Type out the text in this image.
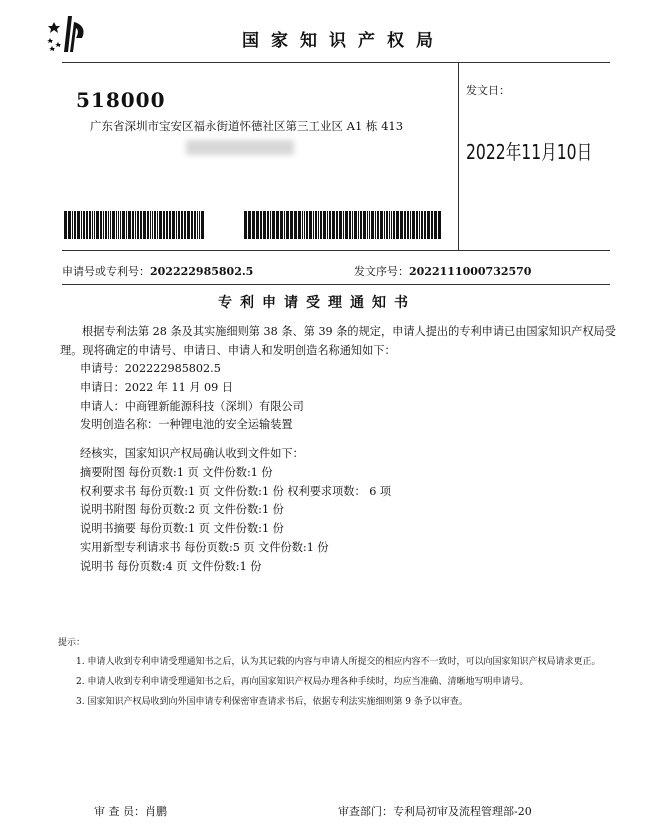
国家知识产权局
518000
广东省深圳市宝安区福永街道怀德社区第三工业区 A1 栋 413
发文日：
2022年11月10日
申请号或专利号：202222985802.5	发文序号：2022111000732570
专利申请受理通知书
根据专利法第 28 条及其实施细则第 38 条、第 39 条的规定，申请人提出的专利申请已由国家知识产权局受理。现将确定的申请号、申请日、申请人和发明创造名称通知如下：
申请号：202222985802.5
申请日：2022 年 11 月 09 日
申请人：中商锂新能源科技（深圳）有限公司
发明创造名称：一种锂电池的安全运输装置
经核实，国家知识产权局确认收到文件如下：
摘要附图 每份页数:1 页 文件份数:1 份
权利要求书 每份页数:1 页 文件份数:1 份 权利要求项数： 6 项
说明书附图 每份页数:2 页 文件份数:1 份
说明书摘要 每份页数:1 页 文件份数:1 份
实用新型专利请求书 每份页数:5 页 文件份数:1 份
说明书 每份页数:4 页 文件份数:1 份
提示：
1. 申请人收到专利申请受理通知书之后，认为其记载的内容与申请人所提交的相应内容不一致时，可以向国家知识产权局请求更正。
2. 申请人收到专利申请受理通知书之后，再向国家知识产权局办理各种手续时，均应当准确、清晰地写明申请号。
3. 国家知识产权局收到向外国申请专利保密审查请求书后，依据专利法实施细则第 9 条予以审查。
审 查 员：肖鹏	审查部门：专利局初审及流程管理部-20
